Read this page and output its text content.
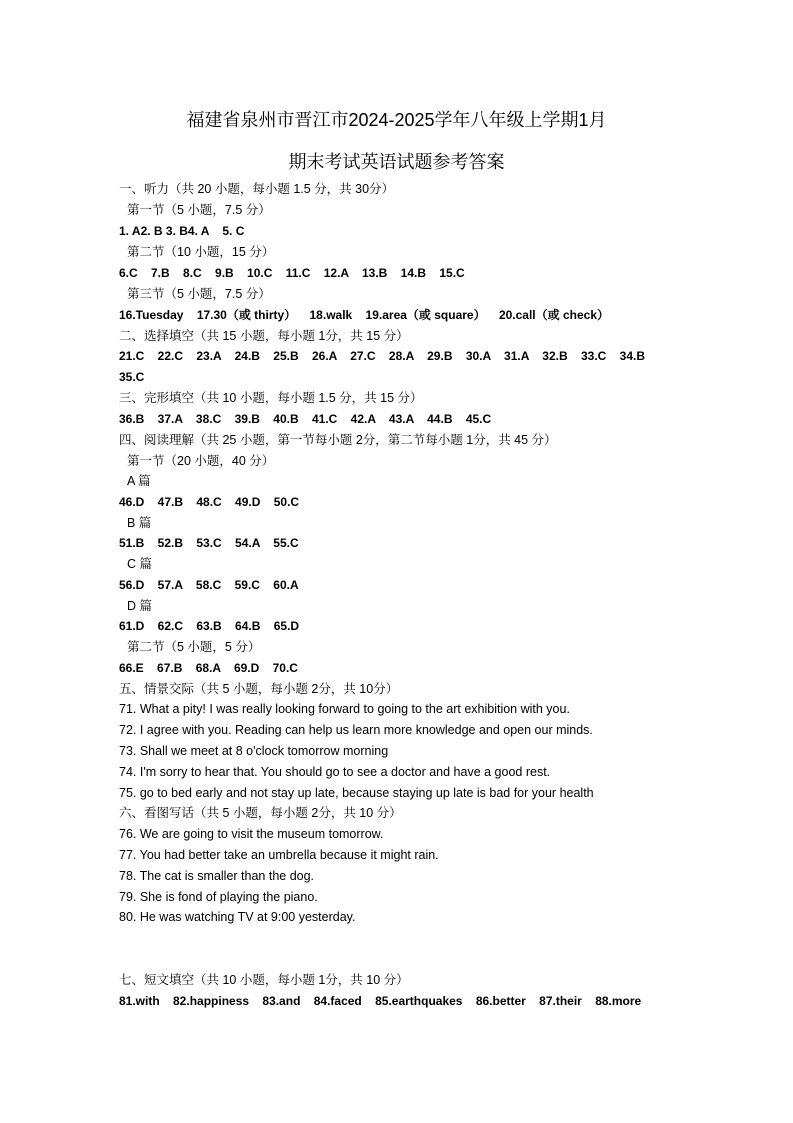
福建省泉州市晋江市2024-2025学年八年级上学期1月
期末考试英语试题参考答案
一、听力（共 20 小题，每小题 1.5 分，共 30分）
第一节（5 小题，7.5 分）
1. A2. B 3. B4. A    5. C
第二节（10 小题，15 分）
6.C    7.B    8.C    9.B    10.C    11.C    12.A    13.B    14.B    15.C
第三节（5 小题，7.5 分）
16.Tuesday    17.30（或 thirty）    18.walk    19.area（或 square）    20.call（或 check）
二、选择填空（共 15 小题，每小题 1分，共 15 分）
21.C    22.C    23.A    24.B    25.B    26.A    27.C    28.A    29.B    30.A    31.A    32.B    33.C    34.B
35.C
三、完形填空（共 10 小题，每小题 1.5 分，共 15 分）
36.B    37.A    38.C    39.B    40.B    41.C    42.A    43.A    44.B    45.C
四、阅读理解（共 25 小题，第一节每小题 2分，第二节每小题 1分，共 45 分）
第一节（20 小题，40 分）
A 篇
46.D    47.B    48.C    49.D    50.C
B 篇
51.B    52.B    53.C    54.A    55.C
C 篇
56.D    57.A    58.C    59.C    60.A
D 篇
61.D    62.C    63.B    64.B    65.D
第二节（5 小题，5 分）
66.E    67.B    68.A    69.D    70.C
五、情景交际（共 5 小题，每小题 2分，共 10分）
71. What a pity! I was really looking forward to going to the art exhibition with you.
72. I agree with you. Reading can help us learn more knowledge and open our minds.
73. Shall we meet at 8 o'clock tomorrow morning
74. I'm sorry to hear that. You should go to see a doctor and have a good rest.
75. go to bed early and not stay up late, because staying up late is bad for your health
六、看图写话（共 5 小题，每小题 2分，共 10 分）
76. We are going to visit the museum tomorrow.
77. You had better take an umbrella because it might rain.
78. The cat is smaller than the dog.
79. She is fond of playing the piano.
80. He was watching TV at 9:00 yesterday.
七、短文填空（共 10 小题，每小题 1分，共 10 分）
81.with    82.happiness    83.and    84.faced    85.earthquakes    86.better    87.their    88.more
